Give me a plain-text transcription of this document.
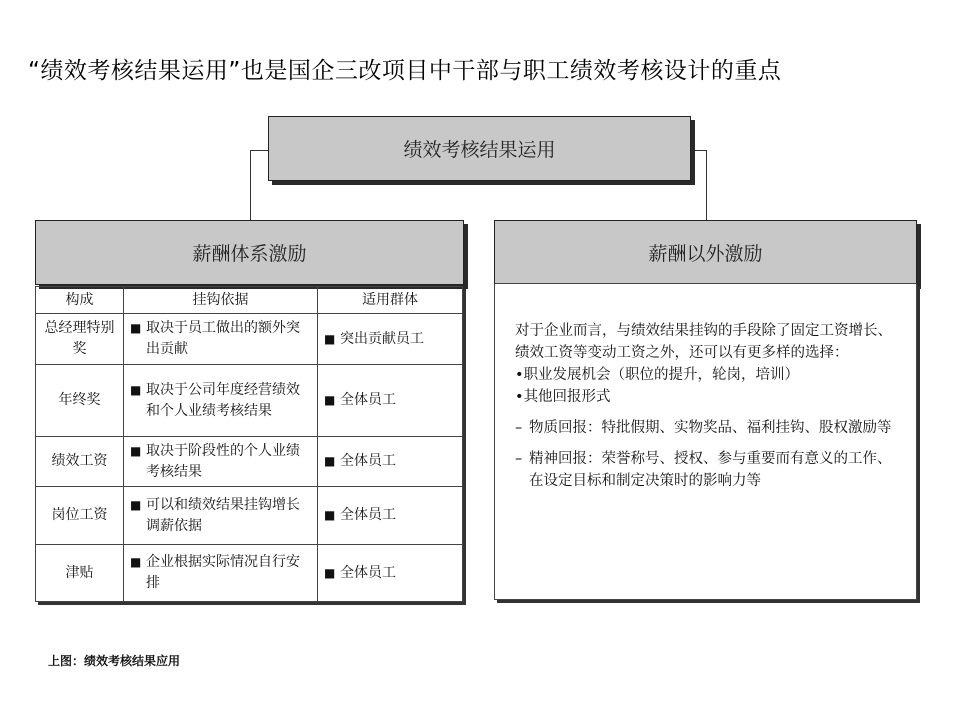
“绩效考核结果运用”也是国企三改项目中干部与职工绩效考核设计的重点
绩效考核结果运用
薪酬体系激励	薪酬以外激励
构成	挂钩依据	适用群体
总经理特别奖	■ 取决于员工做出的额外突出贡献	■ 突出贡献员工

年终奖	■ 取决于公司年度经营绩效和个人业绩考核结果	■ 全体员工

绩效工资	■ 取决于阶段性的个人业绩考核结果	■ 全体员工

岗位工资	■ 可以和绩效结果挂钩增长调薪依据	■ 全体员工

津贴	■ 企业根据实际情况自行安排	■ 全体员工

对于企业而言，与绩效结果挂钩的手段除了固定工资增长、绩效工资等变动工资之外，还可以有更多样的选择：

•职业发展机会（职位的提升，轮岗，培训）

•其他回报形式

– 物质回报：特批假期、实物奖品、福利挂钩、股权激励等
– 精神回报：荣誉称号、授权、参与重要而有意义的工作、在设定目标和制定决策时的影响力等
上图：绩效考核结果应用
